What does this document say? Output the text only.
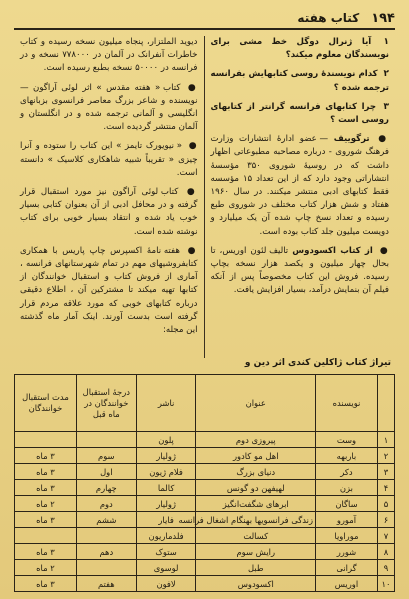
۱۹۴
کتاب هفته

۱ آیا ژنرال دوگل خط مشی برای نویسندگان معلوم میکند؟

۲ کدام نویسندهٔ روسی کتابهایش بفرانسه ترجمه شده ؟

۳ چرا کتابهای فرانسه گرانتر از کتابهای روسی است ؟

● ترگوییف — عضو ادارهٔ انتشارات وزارت فرهنگ شوروی - درباره مصاحبه مطبوعاتی اظهار داشت که در روسیهٔ شوروی ۳۵۰ مؤسسهٔ انتشاراتی وجود دارد که از این تعداد ۱۵ مؤسسه فقط کتابهای ادبی منتشر میکنند. در سال ۱۹۶۰ هفتاد و شش هزار کتاب مختلف در شوروی طبع رسیده و تعداد نسخ چاپ شده آن یک میلیارد و دویست میلیون جلد کتاب بوده است.

● از کتاب اکسودوس تالیف لئون اوریس، تا بحال چهار میلیون و یکصد هزار نسخه بچاپ رسیده. فروش این کتاب مخصوصاً پس از آنکه فیلم آن بنمایش درآمد، بسیار افزایش یافت.

دیوید الملتزار، پنجاه میلیون نسخه رسیده و کتاب خاطرات آنفرانک در آلمان در ۷۷۸۰۰۰ نسخه و در فرانسه در ۵۰۰۰۰ نسخه بطبع رسیده است.

● کتاب « هفته مقدس » اثر لوئی آراگون — نویسنده و شاعر بزرگ معاصر فرانسوی بزبانهای انگلیسی و آلمانی ترجمه شده و در انگلستان و آلمان منتشر گردیده است.

● « نیویورک تایمز » این کتاب را ستوده و آنرا چیزی « تقریباً شبیه شاهکاری کلاسیک » دانسته است.

● کتاب لوئی آراگون نیز مورد استقبال قرار گرفته و در محافل ادبی از آن بعنوان کتابی بسیار خوب یاد شده و انتقاد بسیار خوبی برای کتاب نوشته شده است.

● هفته نامهٔ اکسپرس چاپ پاریس با همکاری کتابفروشیهای مهم در تمام شهرستانهای فرانسه ، آماری از فروش کتاب و استقبال خوانندگان از کتابها تهیه میکند تا مشترکین آن ، اطلاع دقیقی درباره کتابهای خوبی که مورد علاقه مردم قرار گرفته است بدست آورند. اینک آمار ماه گذشته این مجله:

تیراژ کتاب ژاکلین کندی اثر دین و
	نویسنده	عنوان	ناشر	درجهٔ استقبال خوانندگان در ماه قبل	مدت استقبال خوانندگان
۱	وست	پیروزی دوم	پلون		
۲	باربهه	اهل مو کادور	ژولیار	سوم	۳ ماه
۳	دکر	دنیای بزرگ	فلام ژیون	اول	۳ ماه
۴	بزن	لهیفهن دو گونس	کالما	چهارم	۳ ماه
۵	ساگان	ابرهای شگفت‌انگیز	ژولیار	دوم	۲ ماه
۶	آمورو	زندگی فرانسویها بهنگام اشغال فرانسه	فایار	ششم	۳ ماه
۷	موراویا	کسالت	فلدماریون		
۸	شورر	رایش سوم	ستوک	دهم	۳ ماه
۹	گرانی	طبل	لوسوی		۲ ماه
۱۰	اوریس	اکسودوس	لافون	هفتم	۳ ماه
